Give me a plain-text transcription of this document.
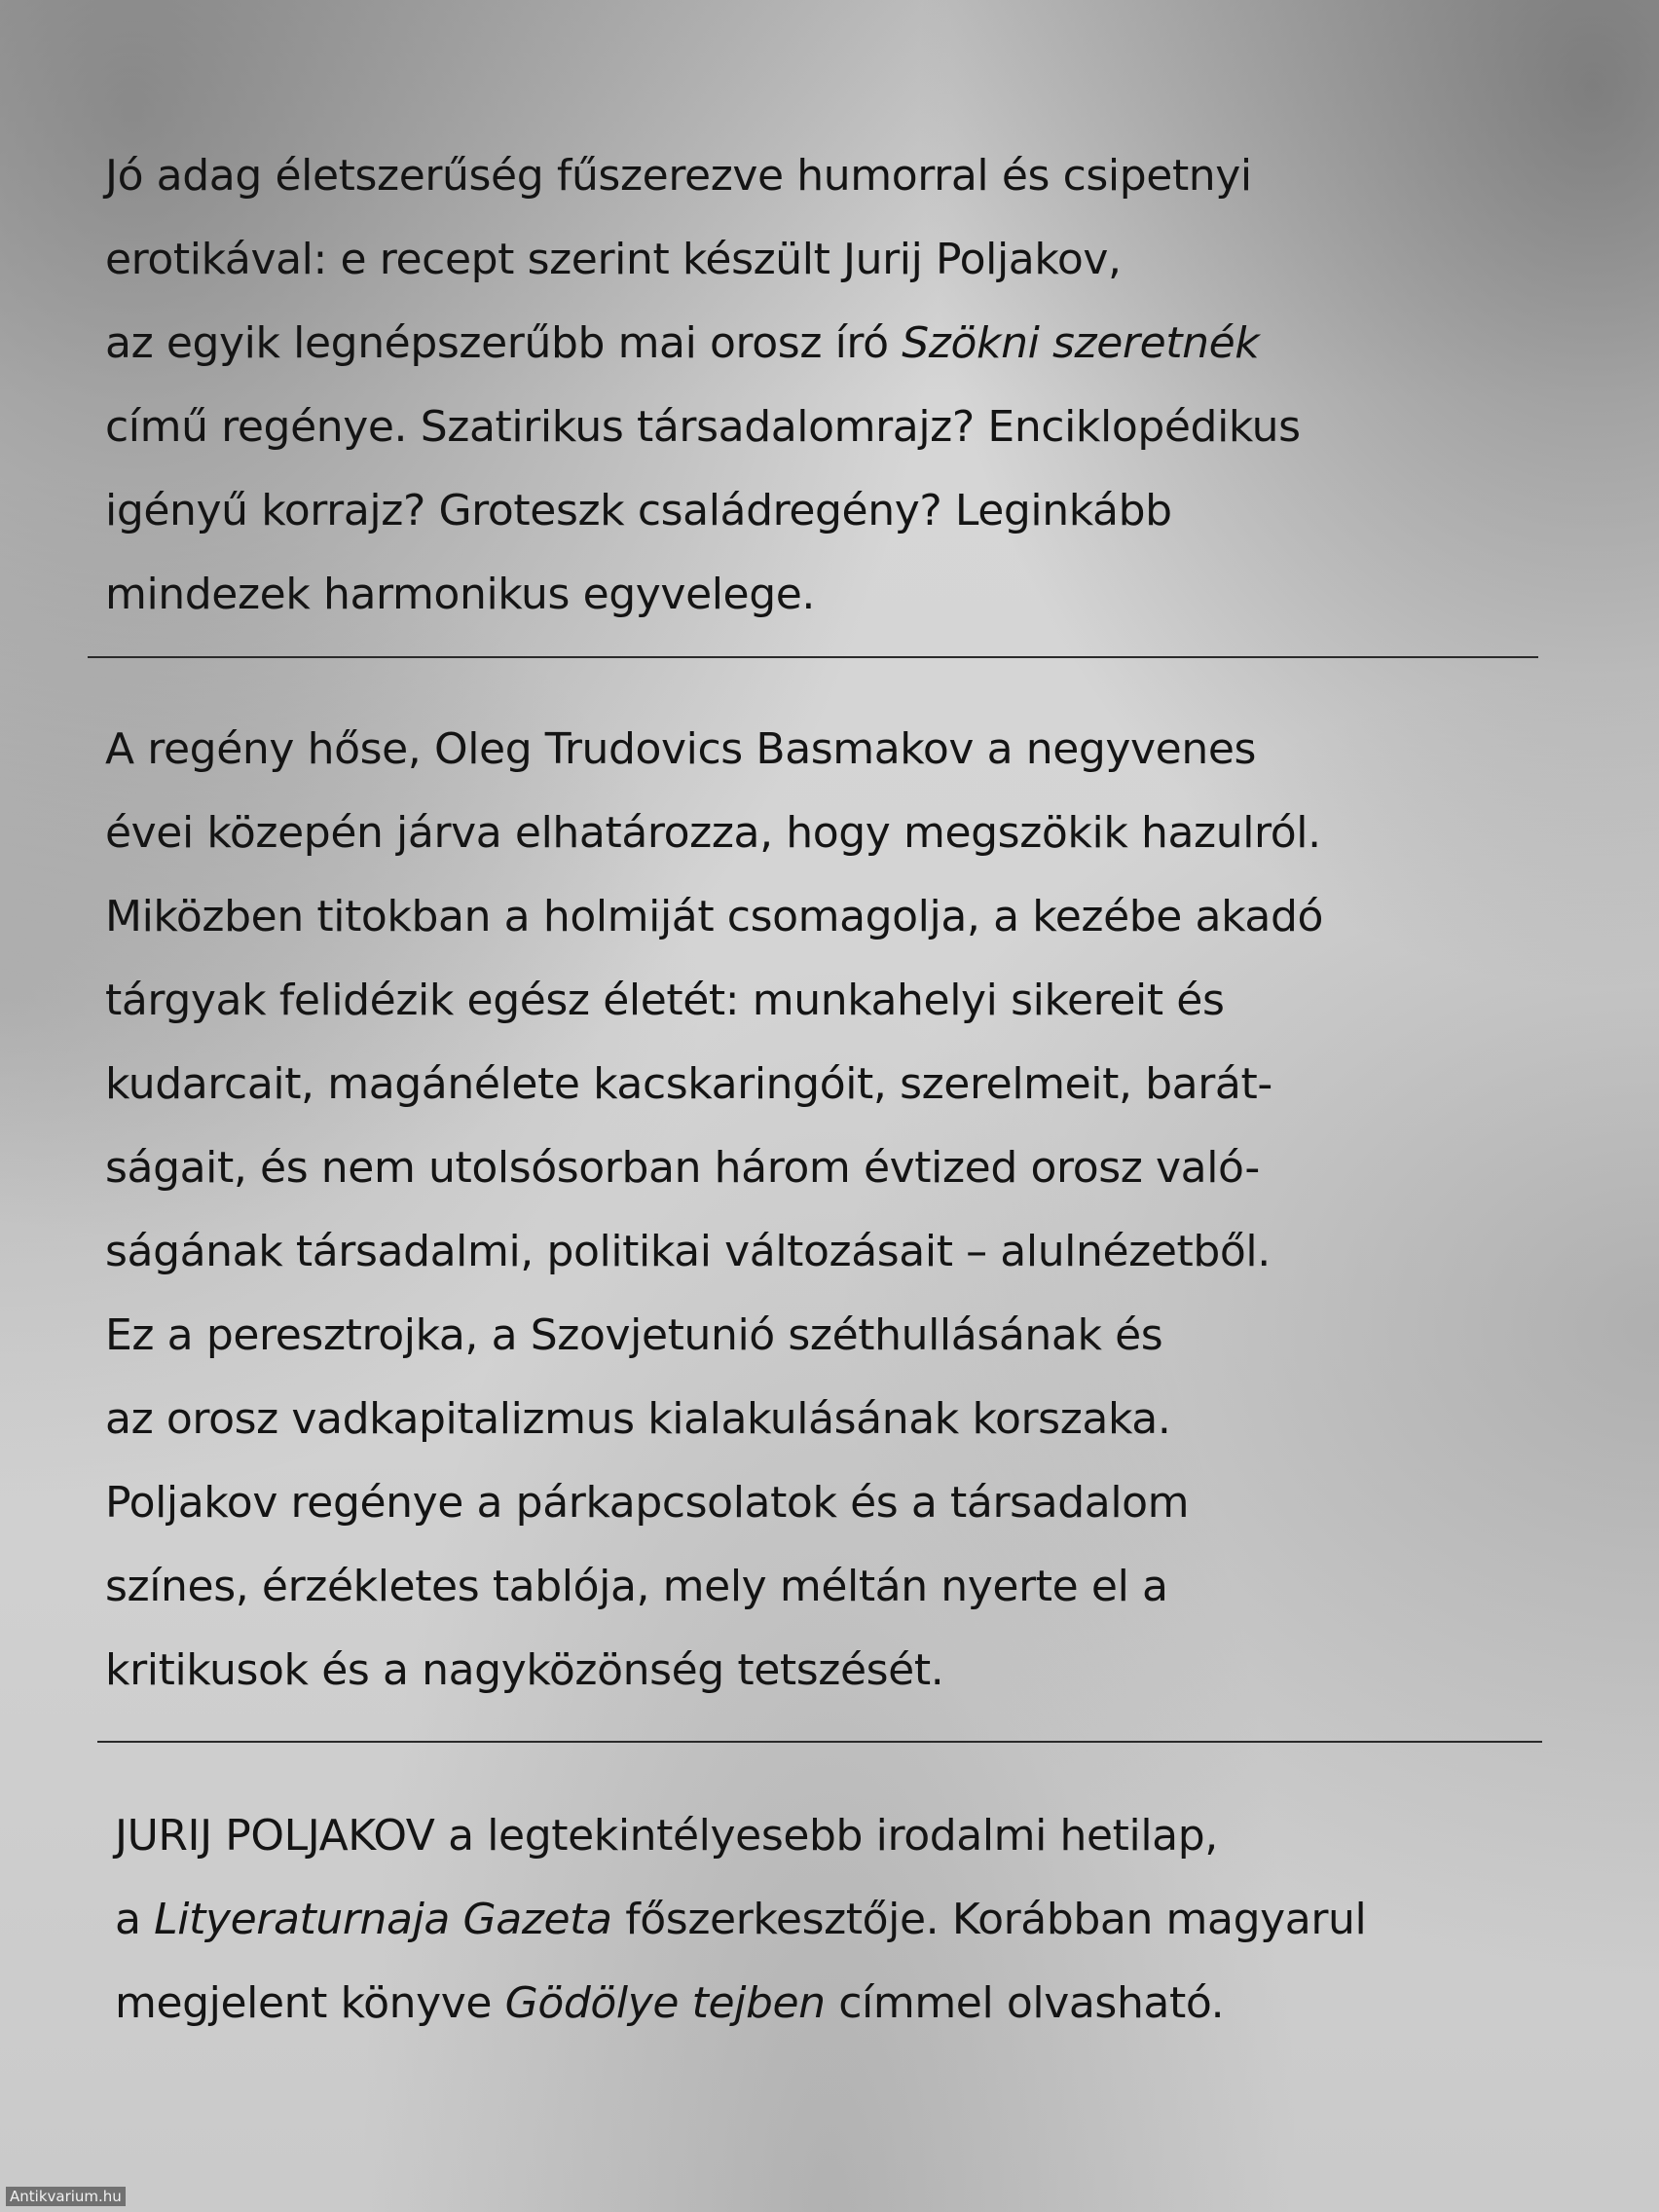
Jó adag életszerűség fűszerezve humorral és csipetnyi
erotikával: e recept szerint készült Jurij Poljakov,
az egyik legnépszerűbb mai orosz író Szökni szeretnék
című regénye. Szatirikus társadalomrajz? Enciklopédikus
igényű korrajz? Groteszk családregény? Leginkább
mindezek harmonikus egyvelege.
A regény hőse, Oleg Trudovics Basmakov a negyvenes
évei közepén járva elhatározza, hogy megszökik hazulról.
Miközben titokban a holmiját csomagolja, a kezébe akadó
tárgyak felidézik egész életét: munkahelyi sikereit és
kudarcait, magánélete kacskaringóit, szerelmeit, barát-
ságait, és nem utolsósorban három évtized orosz való-
ságának társadalmi, politikai változásait – alulnézetből.
Ez a peresztrojka, a Szovjetunió széthullásának és
az orosz vadkapitalizmus kialakulásának korszaka.
Poljakov regénye a párkapcsolatok és a társadalom
színes, érzékletes tablója, mely méltán nyerte el a
kritikusok és a nagyközönség tetszését.
JURIJ POLJAKOV a legtekintélyesebb irodalmi hetilap,
a Lityeraturnaja Gazeta főszerkesztője. Korábban magyarul
megjelent könyve Gödölye tejben címmel olvasható.
Antikvarium.hu
